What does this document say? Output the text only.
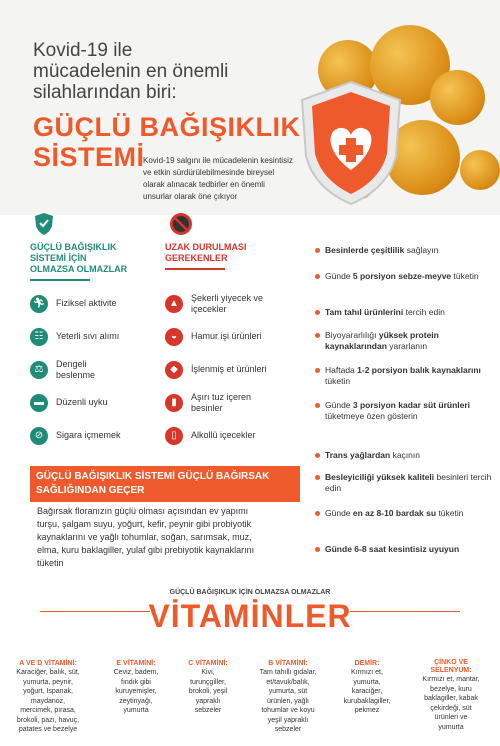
Kovid-19 ile
mücadelenin en önemli
silahlarından biri:
GÜÇLÜ BAĞIŞIKLIK
SİSTEMİ
Kovid-19 salgını ile mücadelenin kesintisiz ve etkin sürdürülebilmesinde bireysel olarak alınacak tedbirler en önemli unsurlar olarak öne çıkıyor
GÜÇLÜ BAĞIŞIKLIK
SİSTEMİ İÇİN
OLMAZSA OLMAZLAR
🏃︎ Fiziksel aktivite
☷	Yeterli sıvı alımı
⚖
Dengeli
beslenme
▬	Düzenli uyku
⊘	Sigara içmemek
UZAK DURULMASI
GEREKENLER
▲
Şekerli yiyecek ve
içecekler
◒	Hamur işi ürünleri
◆	İşlenmiş et ürünleri
▮
Aşırı tuz içeren
besinler
▯	Alkollü içecekler
Besinlerde çeşitlilik sağlayın
Günde 5 porsiyon sebze-meyve tüketin
Tam tahıl ürünlerini tercih edin
Biyoyararlılığı yüksek protein kaynaklarından yararlanın
Haftada 1-2 porsiyon balık kaynaklarını tüketin
Günde 3 porsiyon kadar süt ürünleri tüketmeye özen gösterin
Trans yağlardan kaçının
Besleyiciliği yüksek kaliteli besinleri tercih edin
Günde en az 8-10 bardak su tüketin
Günde 6-8 saat kesintisiz uyuyun
GÜÇLÜ BAĞIŞIKLIK SİSTEMİ GÜÇLÜ BAĞIRSAK
SAĞLIĞINDAN GEÇER
Bağırsak floranızın güçlü olması açısından ev yapımı
turşu, şalgam suyu, yoğurt, kefir, peynir gibi probiyotik
kaynaklarını ve yağlı tohumlar, soğan, sarımsak, muz,
elma, kuru baklagiller, yulaf gibi prebiyotik kaynaklarını
tüketin
GÜÇLÜ BAĞIŞIKLIK İÇİN OLMAZSA OLMAZLAR
VİTAMİNLER
A VE D VİTAMİNİ:
Karaciğer, balık, süt,
yumurta, peynir,
yoğurt, Ispanak,
maydanoz,
mercimek, pırasa,
brokoli, pazı, havuç,
patates ve bezelye
E VİTAMİNİ:
Ceviz, badem,
fındık gibi
kuruyemişler,
zeytinyağı,
yumurta
C VİTAMİNİ:
Kivi,
turunçgiller,
brokoli, yeşil
yapraklı
sebzeler
B VİTAMİNİ:
Tam tahıllı gıdalar,
et/tavuk/balık,
yumurta, süt
ürünleri, yağlı
tohumlar ve koyu
yeşil yapraklı
sebzeler
DEMİR:
Kırmızı et,
yumurta,
karaciğer,
kurubaklagiller,
pekmez
ÇİNKO VE SELENYUM:
Kırmızı et, mantar,
bezelye, kuru
baklagiller, kabak
çekirdeği, süt
ürünleri ve
yumurta
